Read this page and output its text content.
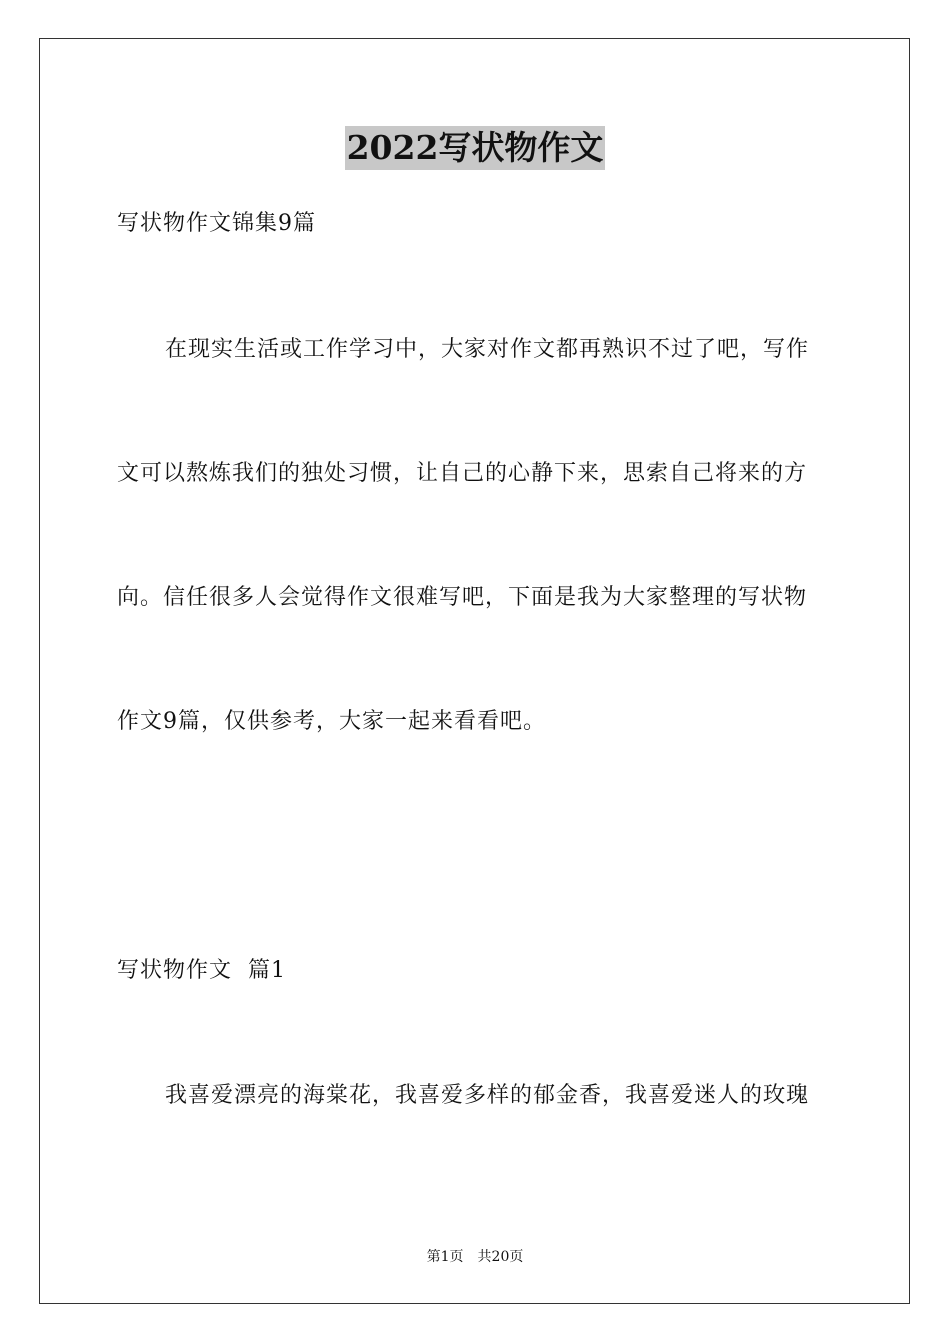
2022写状物作文
写状物作文锦集9篇
在现实生活或工作学习中，大家对作文都再熟识不过了吧，写作
文可以熬炼我们的独处习惯，让自己的心静下来，思索自己将来的方
向。信任很多人会觉得作文很难写吧，下面是我为大家整理的写状物
作文9篇，仅供参考，大家一起来看看吧。
写状物作文  篇1
我喜爱漂亮的海棠花，我喜爱多样的郁金香，我喜爱迷人的玫瑰
第1页 共20页
